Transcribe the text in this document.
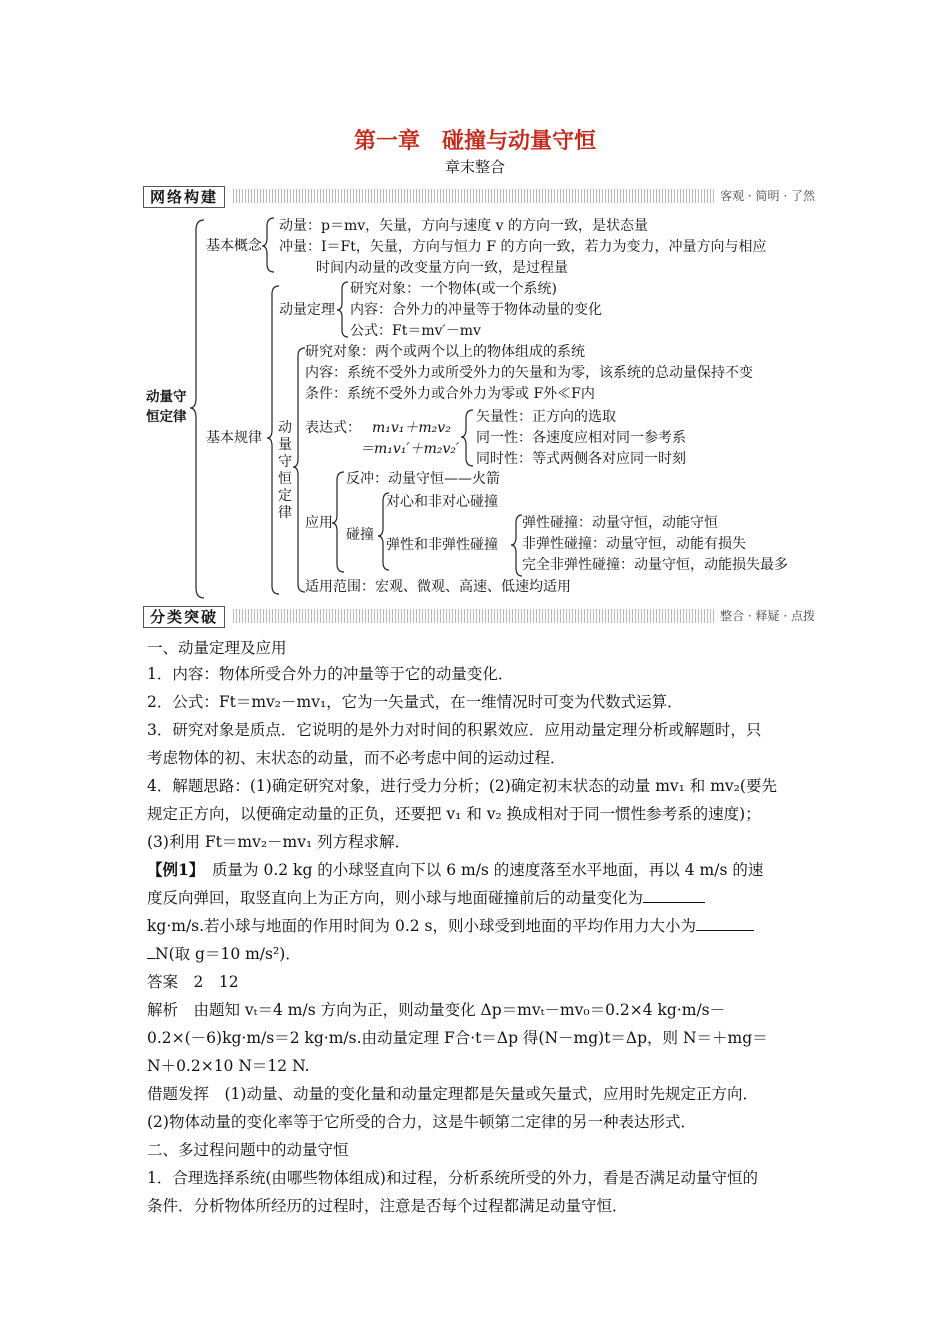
第一章　碰撞与动量守恒
章末整合
网络构建	客观 · 简明 · 了然
动量守恒定律
基本概念
动量：p＝mv，矢量，方向与速度 v 的方向一致，是状态量
冲量：I＝Ft，矢量，方向与恒力 F 的方向一致，若力为变力，冲量方向与相应
时间内动量的改变量方向一致，是过程量
基本规律
动量定理
研究对象：一个物体(或一个系统)
内容：合外力的冲量等于物体动量的变化
公式：Ft＝mv′－mv
动量守恒定律
研究对象：两个或两个以上的物体组成的系统
内容：系统不受外力或所受外力的矢量和为零，该系统的总动量保持不变
条件：系统不受外力或合外力为零或 F外≪F内
表达式： m₁v₁＋m₂v₂
＝m₁v₁′＋m₂v₂′
矢量性：正方向的选取
同一性：各速度应相对同一参考系
同时性：等式两侧各对应同一时刻
应用
反冲：动量守恒——火箭
碰撞
对心和非对心碰撞
弹性和非弹性碰撞
弹性碰撞：动量守恒，动能守恒
非弹性碰撞：动量守恒，动能有损失
完全非弹性碰撞：动量守恒，动能损失最多
适用范围：宏观、微观、高速、低速均适用
分类突破	整合 · 释疑 · 点拨
一、动量定理及应用
1．内容：物体所受合外力的冲量等于它的动量变化．
2．公式：Ft＝mv₂－mv₁，它为一矢量式，在一维情况时可变为代数式运算．
3．研究对象是质点．它说明的是外力对时间的积累效应．应用动量定理分析或解题时，只
考虑物体的初、末状态的动量，而不必考虑中间的运动过程．
4．解题思路：(1)确定研究对象，进行受力分析；(2)确定初末状态的动量 mv₁ 和 mv₂(要先
规定正方向，以便确定动量的正负，还要把 v₁ 和 v₂ 换成相对于同一惯性参考系的速度)；
(3)利用 Ft＝mv₂－mv₁ 列方程求解．
【例1】　质量为 0.2 kg 的小球竖直向下以 6 m/s 的速度落至水平地面，再以 4 m/s 的速
度反向弹回，取竖直向上为正方向，则小球与地面碰撞前后的动量变化为
kg·m/s.若小球与地面的作用时间为 0.2 s，则小球受到地面的平均作用力大小为
N(取 g＝10 m/s²)．
答案　2　12
解析　由题知 vₜ＝4 m/s 方向为正，则动量变化 Δp＝mvₜ－mv₀＝0.2×4 kg·m/s－
0.2×(－6)kg·m/s＝2 kg·m/s.由动量定理 F合·t＝Δp 得(N－mg)t＝Δp，则 N＝＋mg＝
N＋0.2×10 N＝12 N.
借题发挥　(1)动量、动量的变化量和动量定理都是矢量或矢量式，应用时先规定正方向．
(2)物体动量的变化率等于它所受的合力，这是牛顿第二定律的另一种表达形式．
二、多过程问题中的动量守恒
1．合理选择系统(由哪些物体组成)和过程，分析系统所受的外力，看是否满足动量守恒的
条件．分析物体所经历的过程时，注意是否每个过程都满足动量守恒．
